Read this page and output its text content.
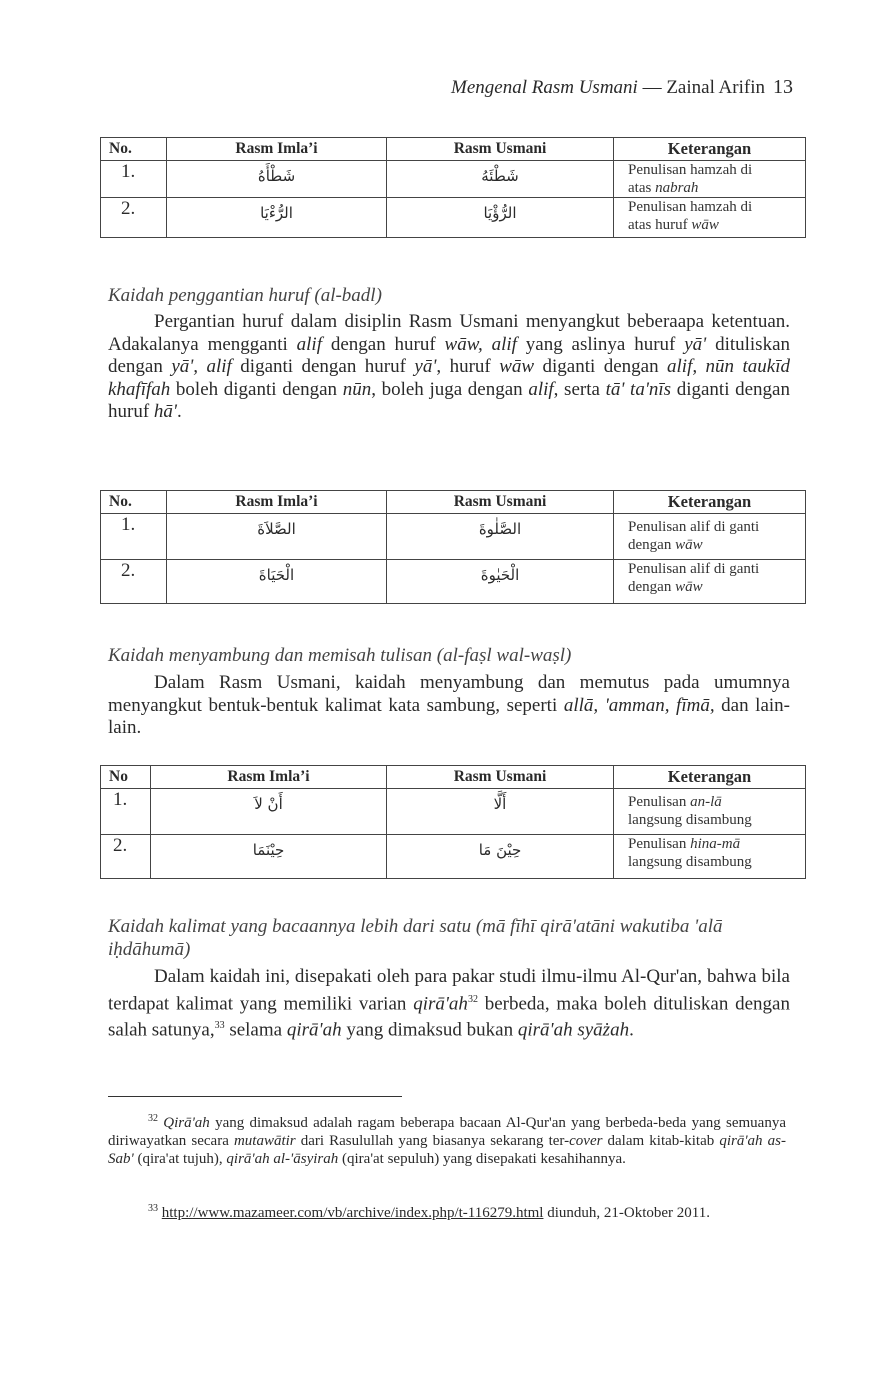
Mengenal Rasm Usmani — Zainal Arifin 13
No.	Rasm Imla’i	Rasm Usmani	Keterangan
1.	شَطْأَهُ	شَطْئَهُ	Penulisan hamzah di
atas nabrah
2.	الرُّءْيَا	الرُّؤْيَا	Penulisan hamzah di
atas huruf wāw
Kaidah penggantian huruf (al-badl)

Pergantian huruf dalam disiplin Rasm Usmani menyangkut beberaapa ketentuan. Adakalanya mengganti alif dengan huruf wāw, alif yang aslinya huruf yā' dituliskan dengan yā', alif diganti dengan huruf yā', huruf wāw diganti dengan alif, nūn taukīd khafīfah boleh diganti dengan nūn, boleh juga dengan alif, serta tā' ta'nīs diganti dengan huruf hā'.

No.	Rasm Imla’i	Rasm Usmani	Keterangan
1.	الصَّلاَةَ	الصَّلٰوةَ	Penulisan alif di ganti
dengan wāw
2.	الْحَيَاةَ	الْحَيٰوةَ	Penulisan alif di ganti
dengan wāw
Kaidah menyambung dan memisah tulisan (al-faṣl wal-waṣl)

Dalam Rasm Usmani, kaidah menyambung dan memutus pada umumnya menyangkut bentuk-bentuk kalimat kata sambung, seperti allā, 'amman, fīmā, dan lain-lain.

No	Rasm Imla’i	Rasm Usmani	Keterangan
1.	أَنْ لاَ	أَلَّا	Penulisan an-lā
langsung disambung
2.	حِيْنَمَا	حِيْنَ مَا	Penulisan hina-mā
langsung disambung
Kaidah kalimat yang bacaannya lebih dari satu (mā fīhī qirā'atāni wakutiba 'alā iḥdāhumā)

Dalam kaidah ini, disepakati oleh para pakar studi ilmu-ilmu Al-Qur'an, bahwa bila terdapat kalimat yang memiliki varian $qirā'ah^{32}$ berbeda, maka boleh dituliskan dengan salah satunya,$^{33}$ selama qirā'ah yang dimaksud bukan qirā'ah syāżah.

$^{32}$ Qirā'ah yang dimaksud adalah ragam beberapa bacaan Al-Qur'an yang berbeda-beda yang semuanya diriwayatkan secara mutawātir dari Rasulullah yang biasanya sekarang ter-cover dalam kitab-kitab qirā'ah as-Sab' (qira'at tujuh), qirā'ah al-'āsyirah (qira'at sepuluh) yang disepakati kesahihannya.

$^{33}$ http://www.mazameer.com/vb/archive/index.php/t-116279.html diunduh, 21-Oktober 2011.
